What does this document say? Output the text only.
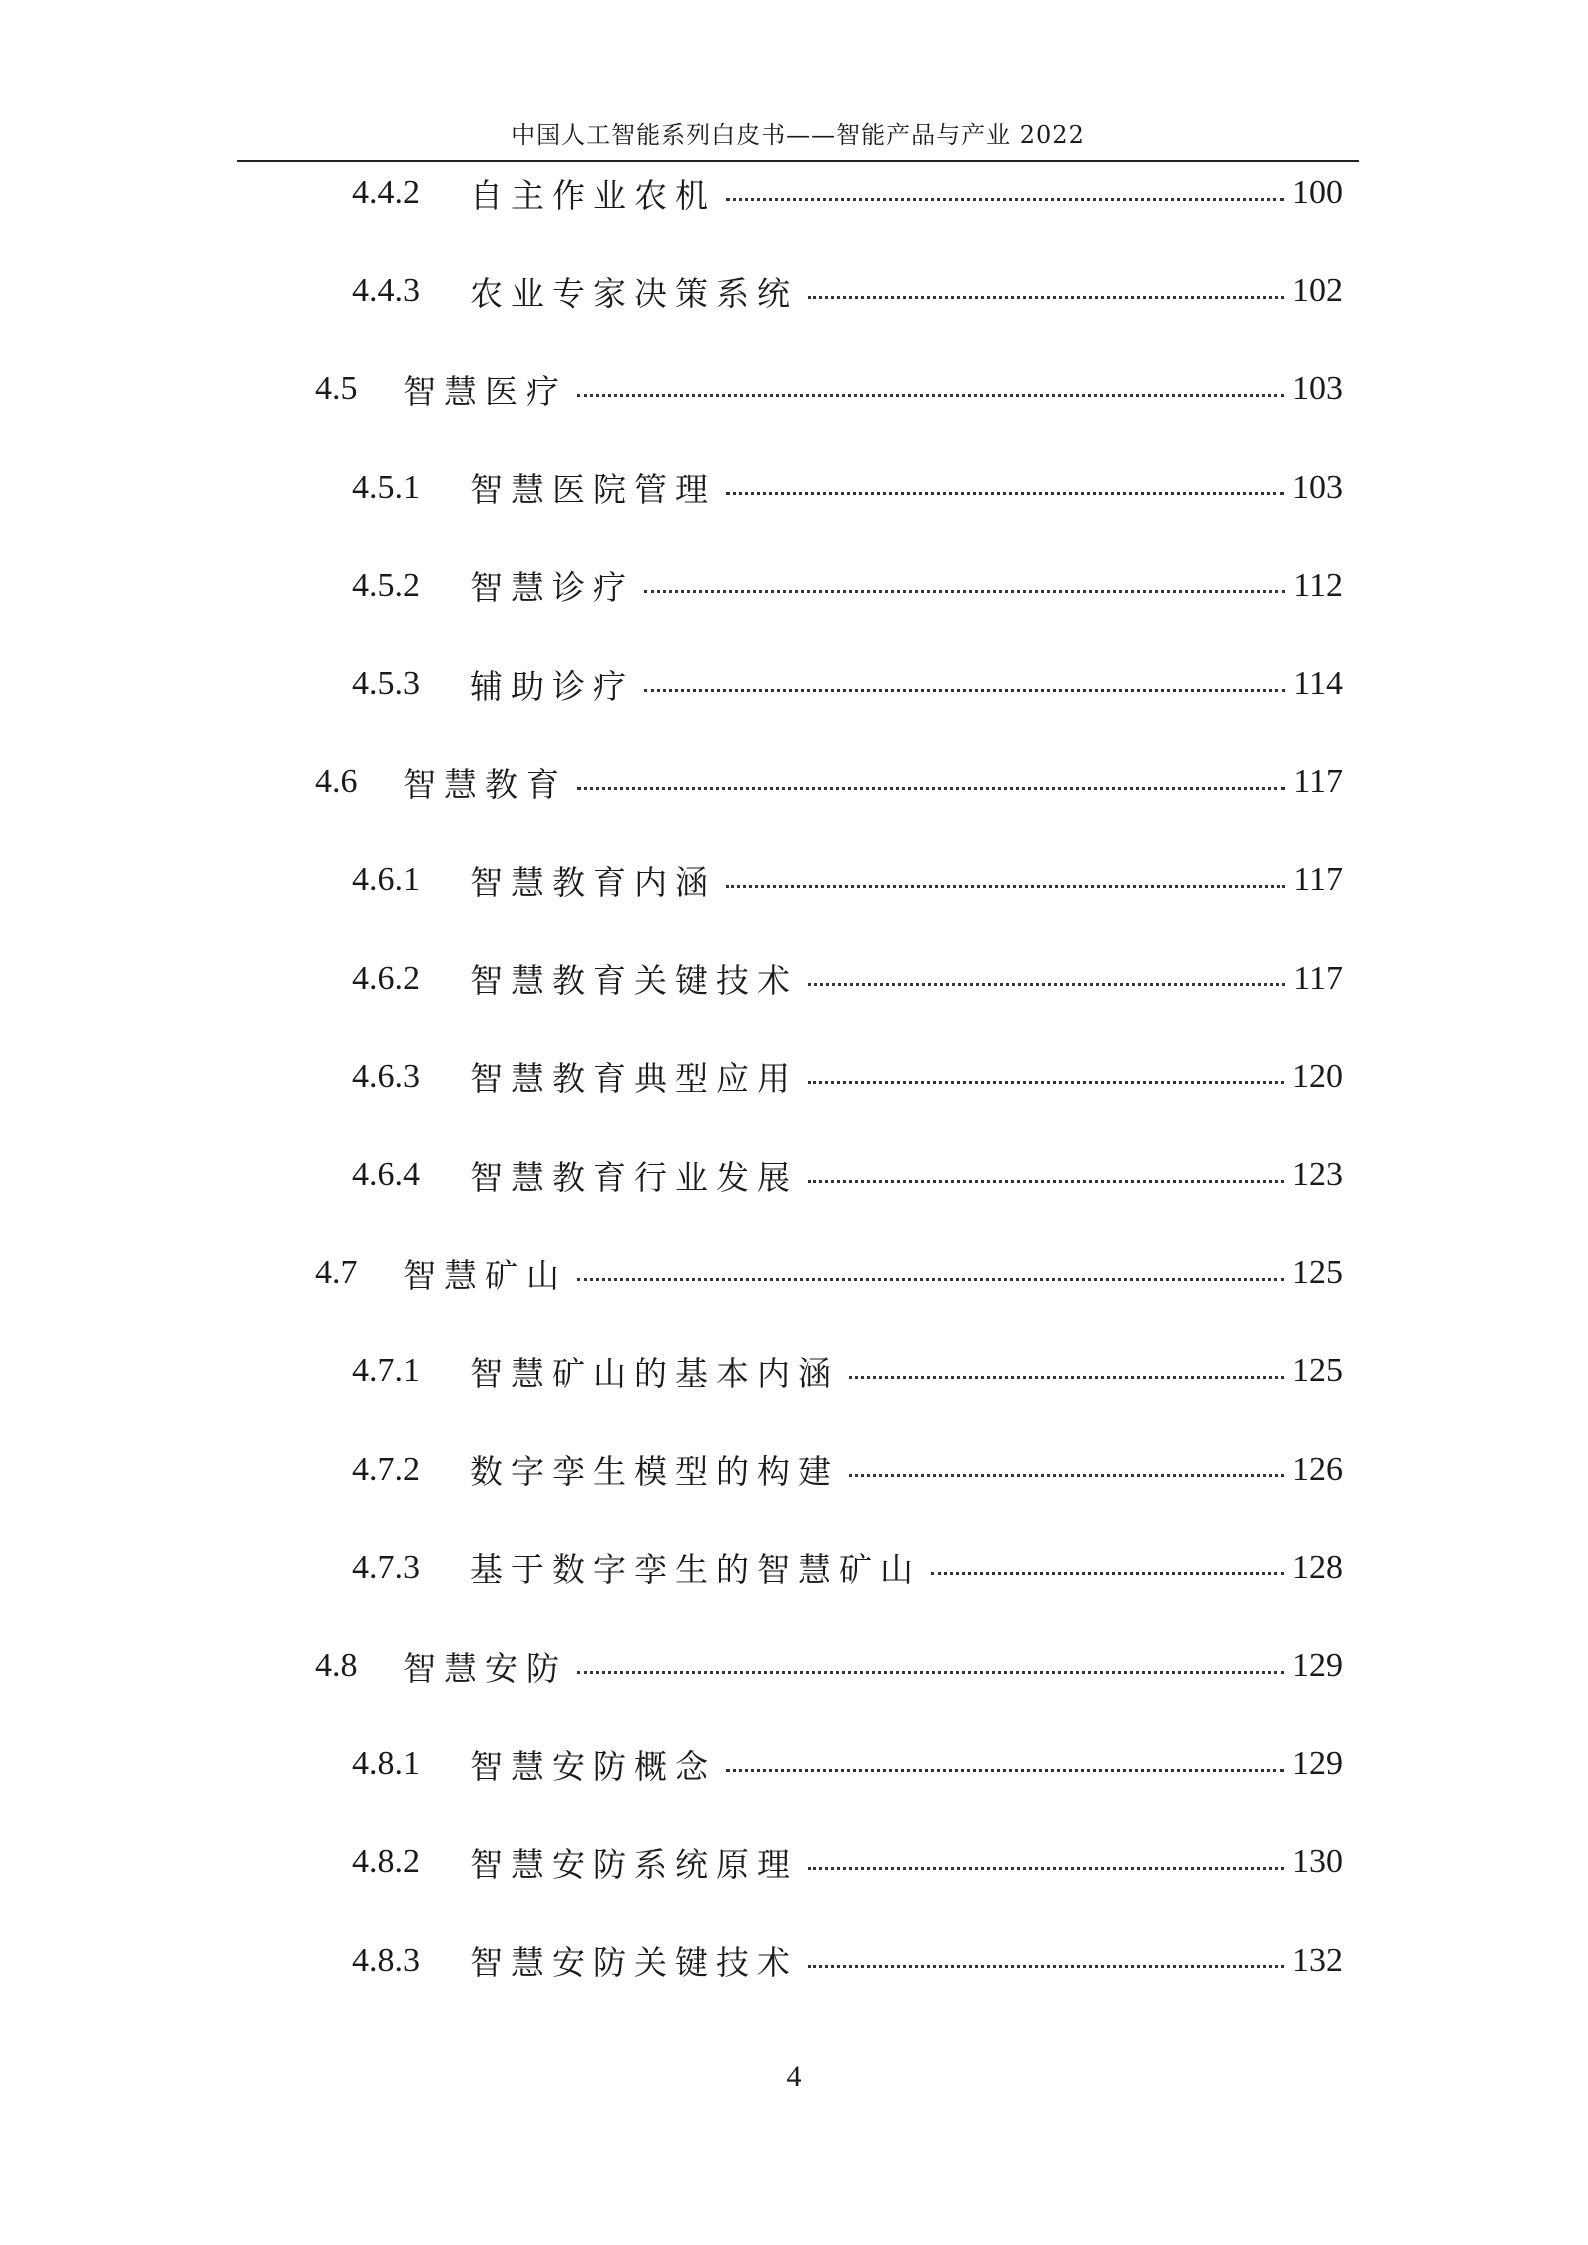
中国人工智能系列白皮书——智能产品与产业 2022
4.4.2	自主作业农机	100
4.4.3	农业专家决策系统	102
4.5	智慧医疗	103
4.5.1	智慧医院管理	103
4.5.2	智慧诊疗	112
4.5.3	辅助诊疗	114
4.6	智慧教育	117
4.6.1	智慧教育内涵	117
4.6.2	智慧教育关键技术	117
4.6.3	智慧教育典型应用	120
4.6.4	智慧教育行业发展	123
4.7	智慧矿山	125
4.7.1	智慧矿山的基本内涵	125
4.7.2	数字孪生模型的构建	126
4.7.3	基于数字孪生的智慧矿山	128
4.8	智慧安防	129
4.8.1	智慧安防概念	129
4.8.2	智慧安防系统原理	130
4.8.3	智慧安防关键技术	132
4
